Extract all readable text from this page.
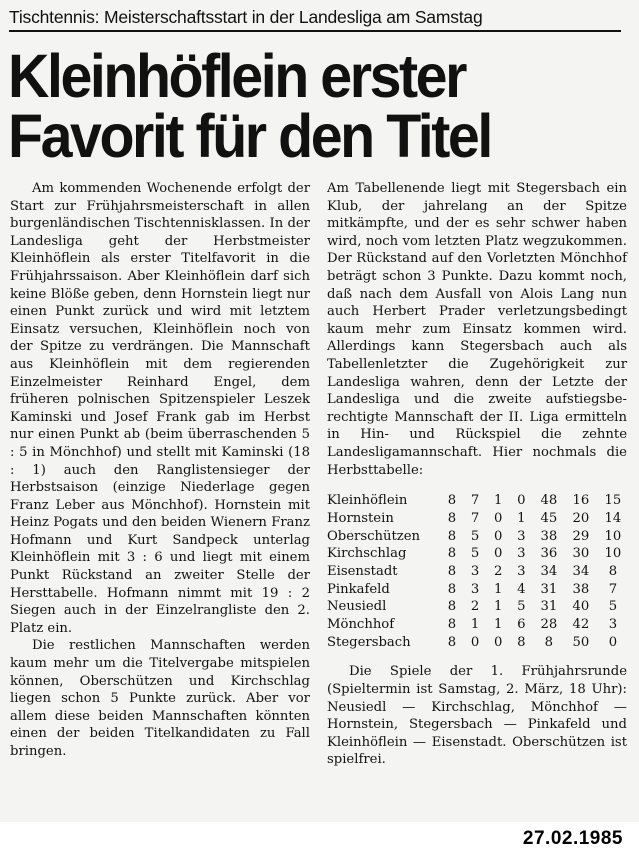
Tischtennis: Meisterschaftsstart in der Landesliga am Samstag
Kleinhöflein erster
Favorit für den Titel

Am kommenden Wochenende erfolgt der Start zur Frühjahrsmeisterschaft in allen burgenländischen Tischtennisklassen. In der Landesliga geht der Herbstmeister Kleinhöflein als erster Titelfavorit in die Frühjahrssaison. Aber Kleinhöflein darf sich keine Blöße geben, denn Hornstein liegt nur einen Punkt zurück und wird mit letztem Einsatz versuchen, Kleinhöflein noch von der Spitze zu verdrängen. Die Mannschaft aus Kleinhöflein mit dem regierenden Einzelmeister Reinhard Engel, dem früheren polnischen Spitzenspieler Leszek Kaminski und Josef Frank gab im Herbst nur einen Punkt ab (beim überraschenden 5 : 5 in Mönchhof) und stellt mit Kaminski (18 : 1) auch den Ranglistensieger der Herbstsaison (einzige Niederlage gegen Franz Leber aus Mönchhof). Hornstein mit Heinz Pogats und den beiden Wienern Franz Hofmann und Kurt Sandpeck unterlag Kleinhöflein mit 3 : 6 und liegt mit einem Punkt Rückstand an zweiter Stelle der Hersttabelle. Hofmann nimmt mit 19 : 2 Siegen auch in der Einzelrangliste den 2. Platz ein.

Die restlichen Mannschaften werden kaum mehr um die Titelvergabe mitspielen können, Oberschützen und Kirchschlag liegen schon 5 Punkte zurück. Aber vor allem diese beiden Mannschaften könnten einen der beiden Titelkandidaten zu Fall bringen.

Am Tabellenende liegt mit Stegersbach ein Klub, der jahrelang an der Spitze mitkämpfte, und der es sehr schwer haben wird, noch vom letzten Platz wegzukommen. Der Rückstand auf den Vorletzten Mönchhof beträgt schon 3 Punkte. Dazu kommt noch, daß nach dem Ausfall von Alois Lang nun auch Herbert Prader verletzungsbedingt kaum mehr zum Einsatz kommen wird. Allerdings kann Stegersbach auch als Tabellenletzter die Zugehörigkeit zur Landesliga wahren, denn der Letzte der Landesliga und die zweite aufstiegsberechtigte Mannschaft der II. Liga ermitteln in Hin- und Rückspiel die zehnte Landesligamannschaft. Hier nochmals die Herbsttabelle:

Kleinhöflein	8	7	1	0	48	16	15
Hornstein	8	7	0	1	45	20	14
Oberschützen	8	5	0	3	38	29	10
Kirchschlag	8	5	0	3	36	30	10
Eisenstadt	8	3	2	3	34	34	8
Pinkafeld	8	3	1	4	31	38	7
Neusiedl	8	2	1	5	31	40	5
Mönchhof	8	1	1	6	28	42	3
Stegersbach	8	0	0	8	8	50	0

Die Spiele der 1. Frühjahrsrunde (Spieltermin ist Samstag, 2. März, 18 Uhr): Neusiedl — Kirchschlag, Mönchhof — Hornstein, Stegersbach — Pinkafeld und Kleinhöflein — Eisenstadt. Oberschützen ist spielfrei.

27.02.1985
